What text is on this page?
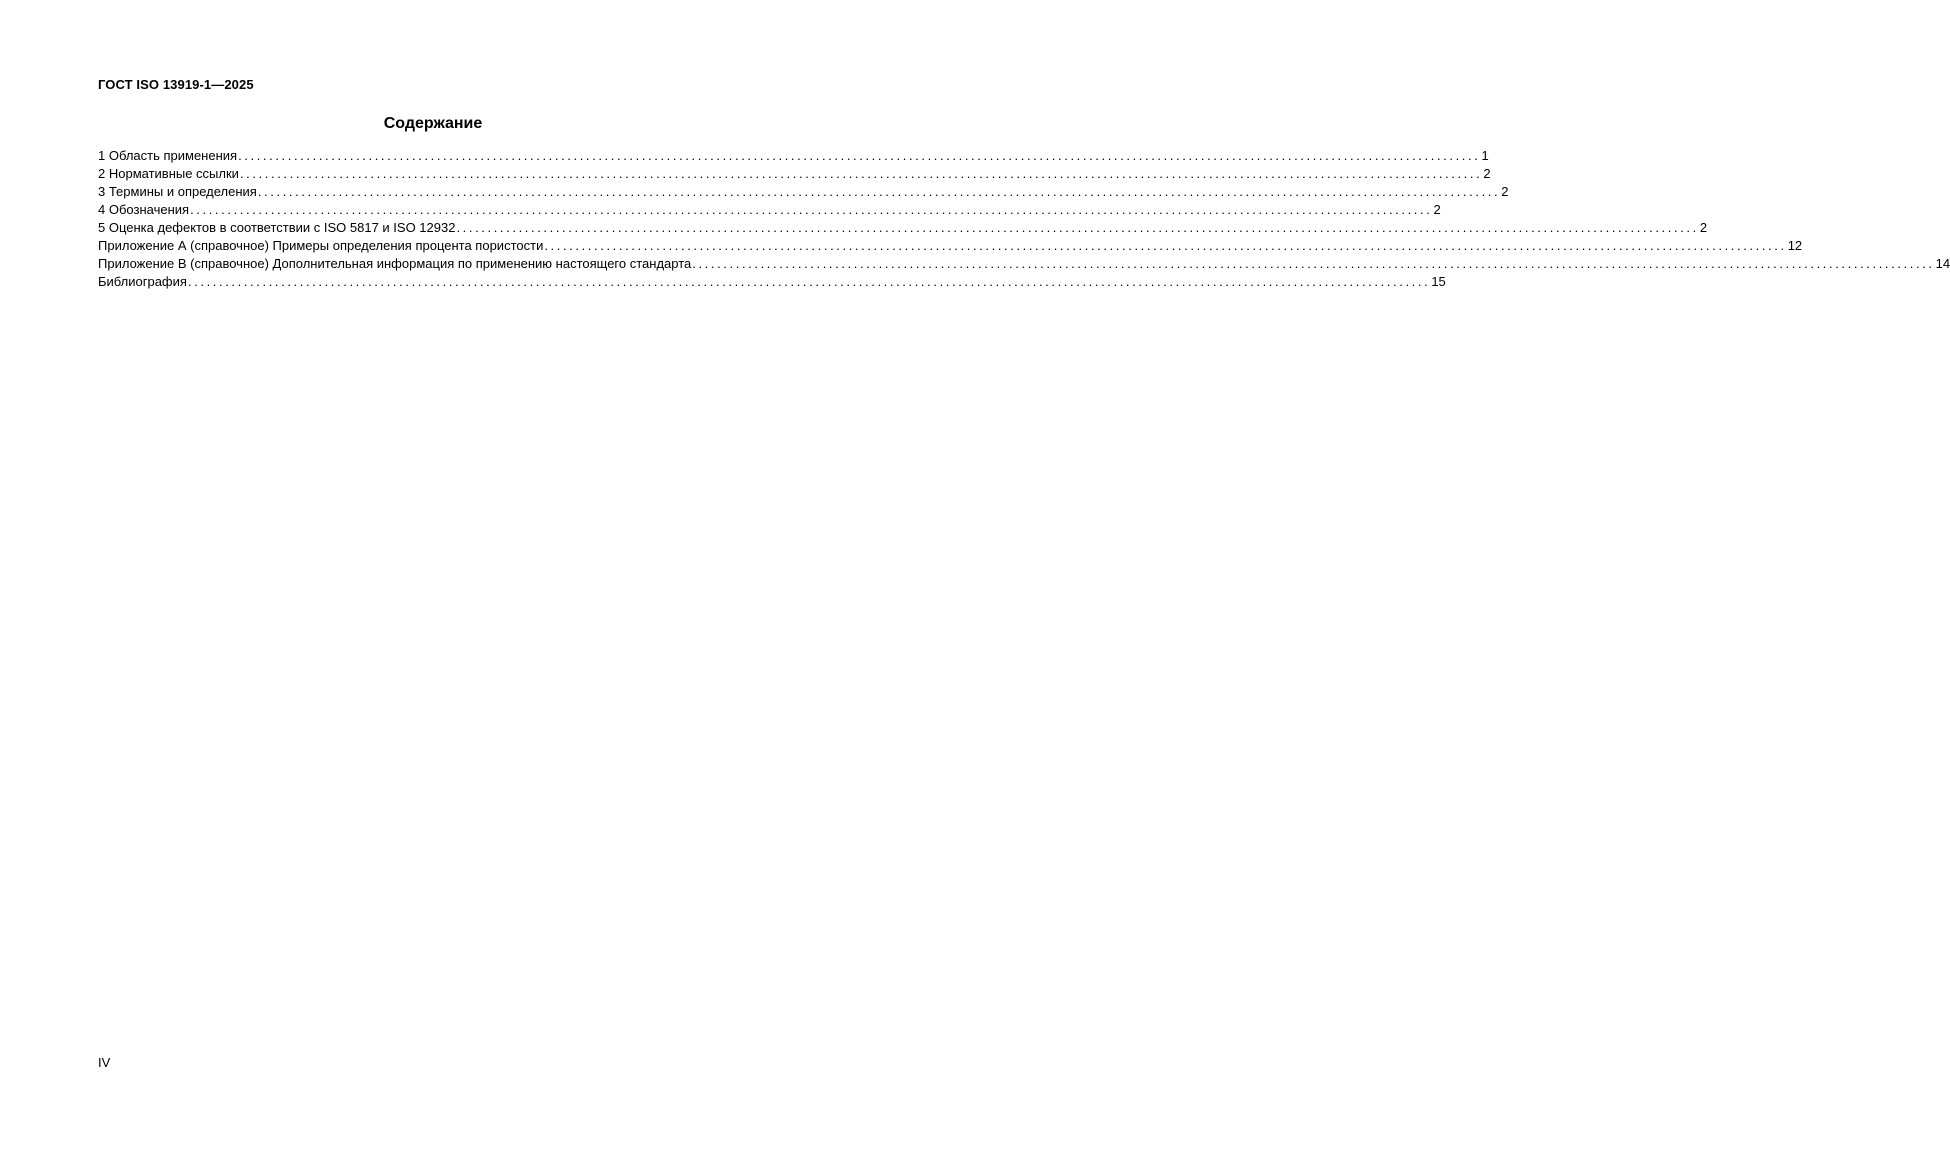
ГОСТ ISO 13919-1—2025
Содержание
1 Область применения ........................................................................................................................................................................................................ 1
2 Нормативные ссылки ........................................................................................................................................................................................................ 2
3 Термины и определения ........................................................................................................................................................................................................ 2
4 Обозначения ........................................................................................................................................................................................................ 2
5 Оценка дефектов в соответствии с ISO 5817 и ISO 12932 ........................................................................................................................................................................................................ 2
Приложение А (справочное) Примеры определения процента пористости ........................................................................................................................................................................................................ 12
Приложение В (справочное) Дополнительная информация по применению настоящего стандарта ........................................................................................................................................................................................................ 14
Библиография ........................................................................................................................................................................................................ 15
IV
